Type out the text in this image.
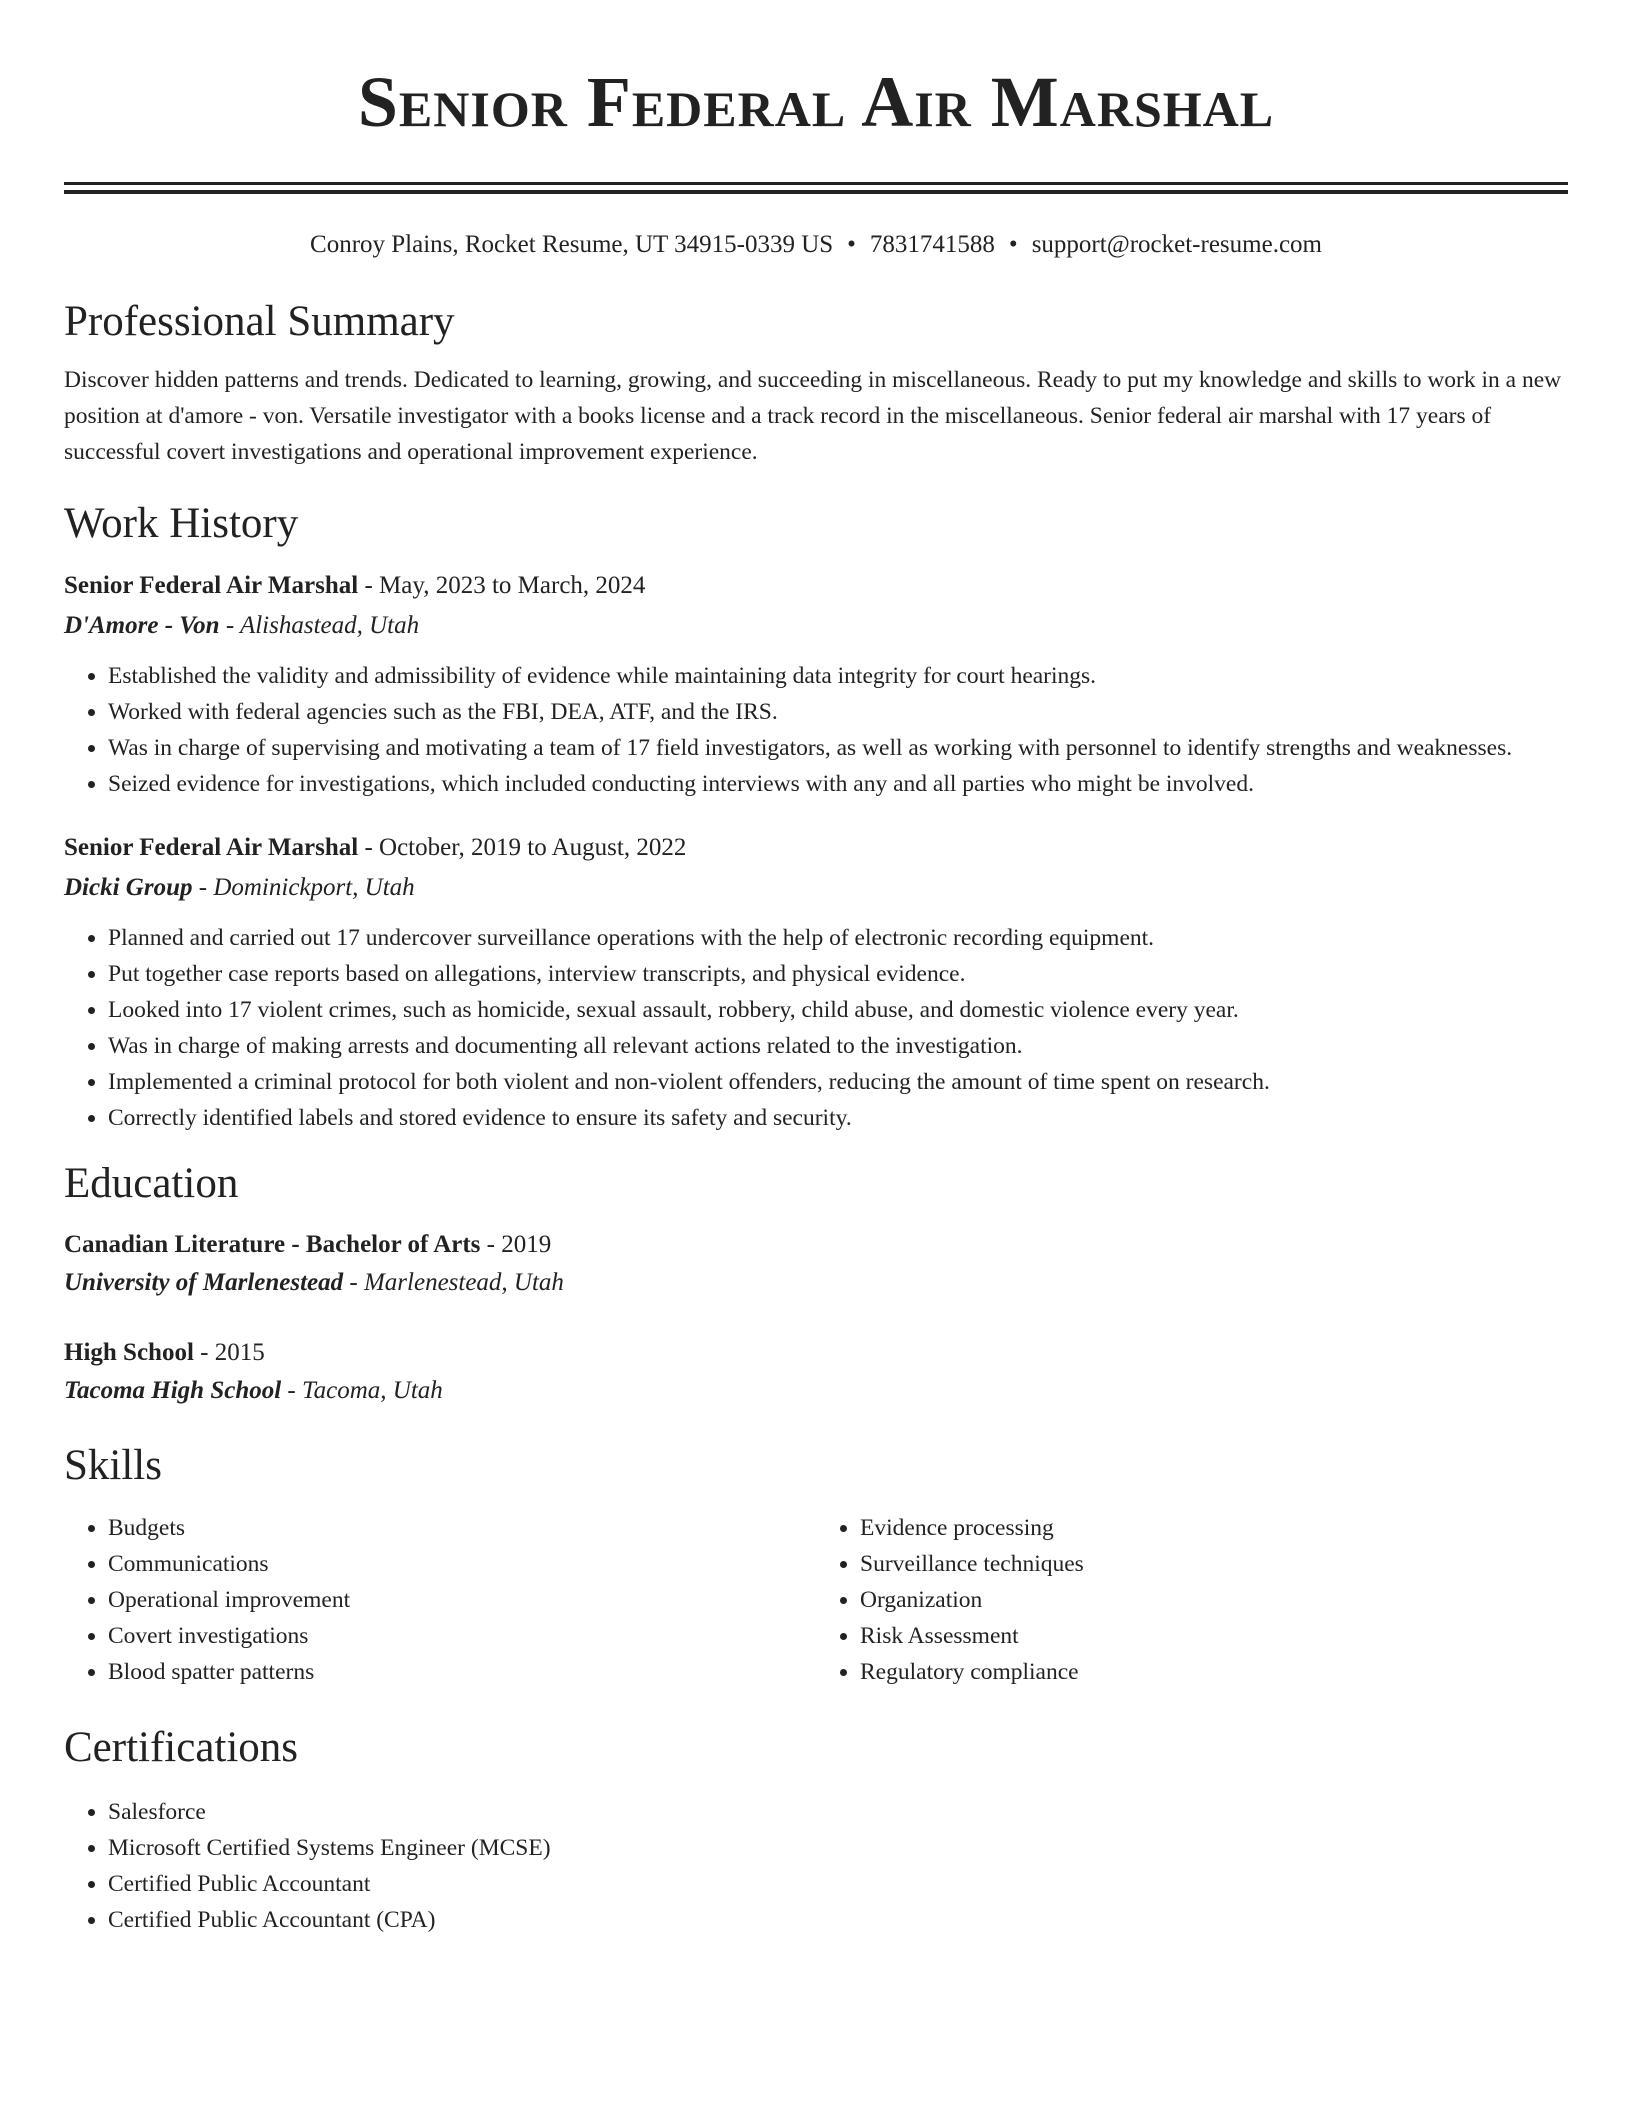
Senior Federal Air Marshal
Conroy Plains, Rocket Resume, UT 34915-0339 US • 7831741588 • support@rocket-resume.com
Professional Summary
Discover hidden patterns and trends. Dedicated to learning, growing, and succeeding in miscellaneous. Ready to put my knowledge and skills to work in a new position at d'amore - von. Versatile investigator with a books license and a track record in the miscellaneous. Senior federal air marshal with 17 years of successful covert investigations and operational improvement experience.
Work History
Senior Federal Air Marshal - May, 2023 to March, 2024
D'Amore - Von - Alishastead, Utah
• Established the validity and admissibility of evidence while maintaining data integrity for court hearings.
• Worked with federal agencies such as the FBI, DEA, ATF, and the IRS.
• Was in charge of supervising and motivating a team of 17 field investigators, as well as working with personnel to identify strengths and weaknesses.
• Seized evidence for investigations, which included conducting interviews with any and all parties who might be involved.
Senior Federal Air Marshal - October, 2019 to August, 2022
Dicki Group - Dominickport, Utah
• Planned and carried out 17 undercover surveillance operations with the help of electronic recording equipment.
• Put together case reports based on allegations, interview transcripts, and physical evidence.
• Looked into 17 violent crimes, such as homicide, sexual assault, robbery, child abuse, and domestic violence every year.
• Was in charge of making arrests and documenting all relevant actions related to the investigation.
• Implemented a criminal protocol for both violent and non-violent offenders, reducing the amount of time spent on research.
• Correctly identified labels and stored evidence to ensure its safety and security.
Education
Canadian Literature - Bachelor of Arts - 2019
University of Marlenestead - Marlenestead, Utah
High School - 2015
Tacoma High School - Tacoma, Utah
Skills
• Budgets
• Communications
• Operational improvement
• Covert investigations
• Blood spatter patterns
• Evidence processing
• Surveillance techniques
• Organization
• Risk Assessment
• Regulatory compliance
Certifications
• Salesforce
• Microsoft Certified Systems Engineer (MCSE)
• Certified Public Accountant
• Certified Public Accountant (CPA)
